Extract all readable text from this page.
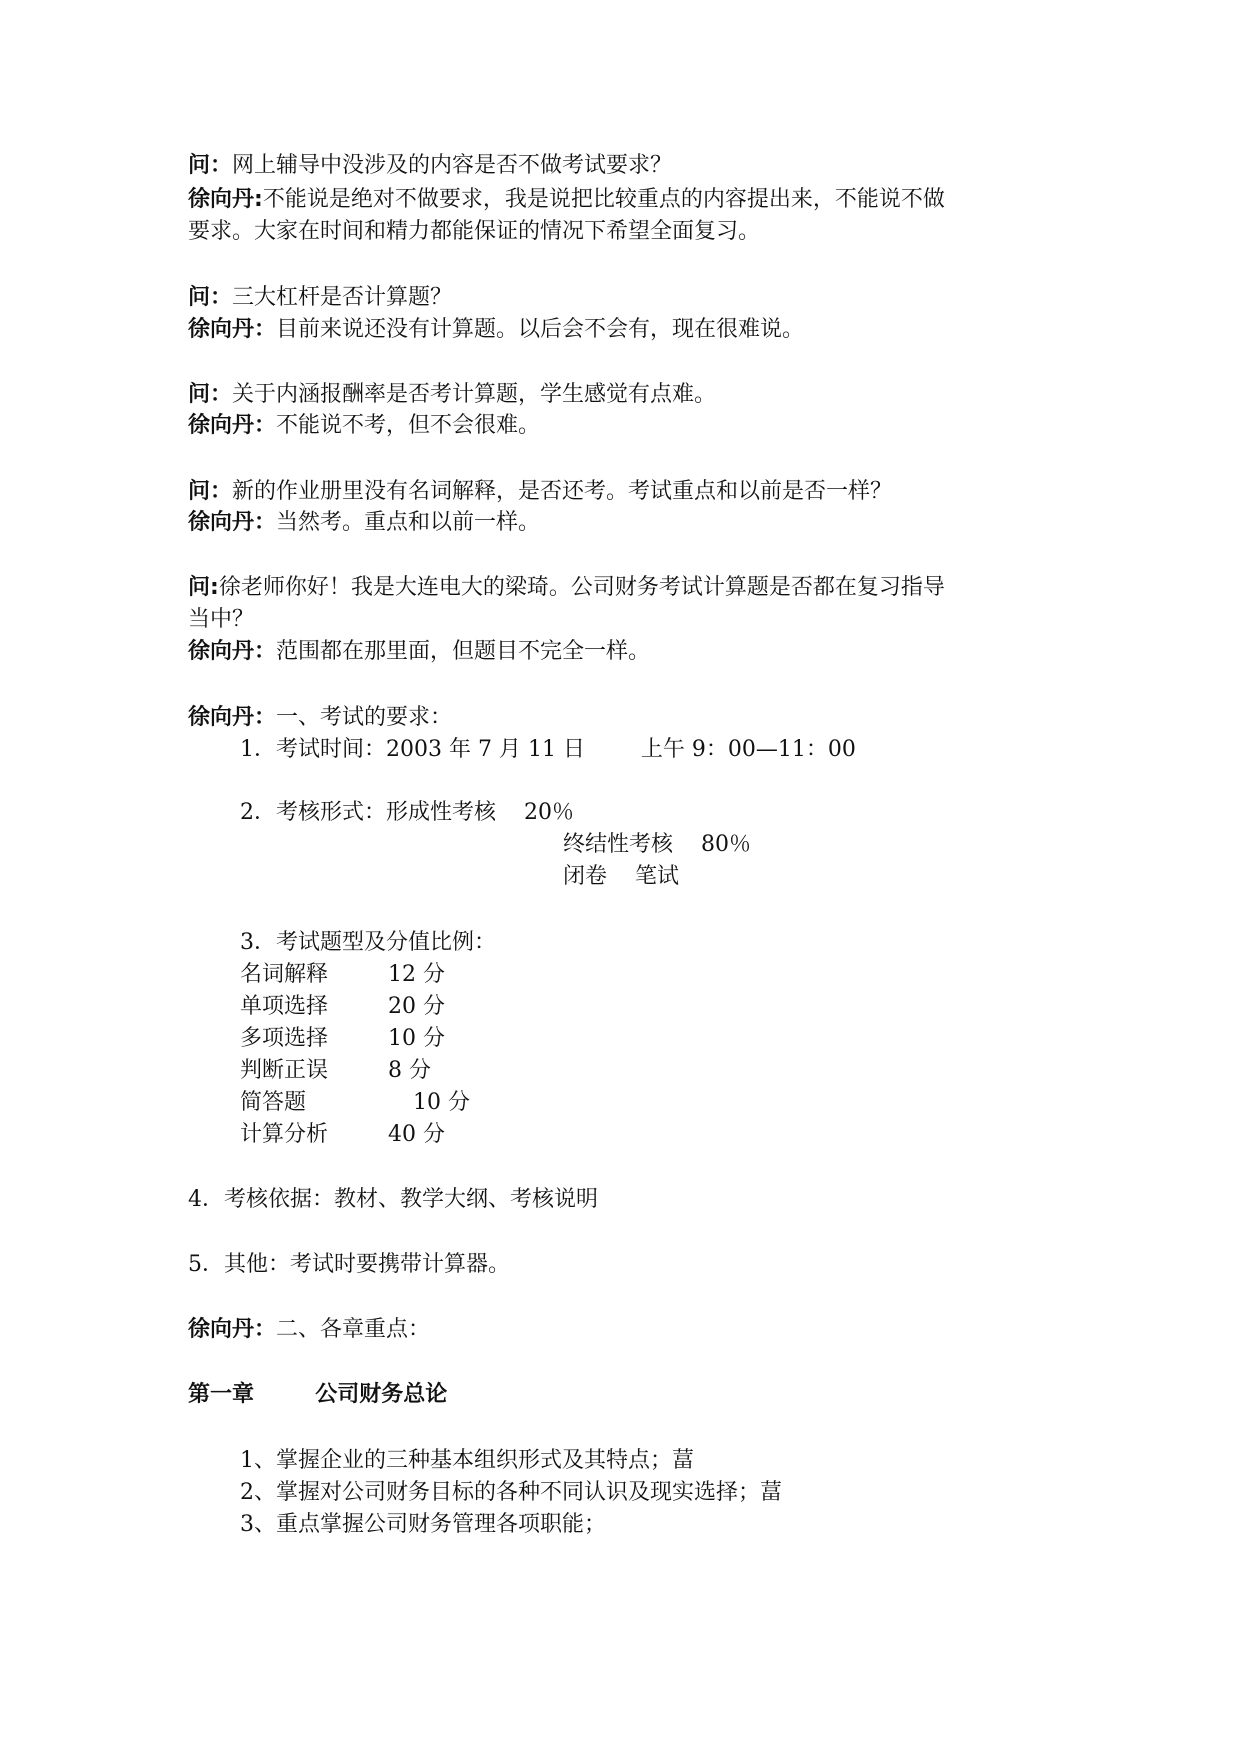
问：网上辅导中没涉及的内容是否不做考试要求？
徐向丹:不能说是绝对不做要求，我是说把比较重点的内容提出来，不能说不做
要求。大家在时间和精力都能保证的情况下希望全面复习。
问：三大杠杆是否计算题？
徐向丹：目前来说还没有计算题。以后会不会有，现在很难说。
问：关于内涵报酬率是否考计算题，学生感觉有点难。
徐向丹：不能说不考，但不会很难。
问：新的作业册里没有名词解释，是否还考。考试重点和以前是否一样？
徐向丹：当然考。重点和以前一样。
问:徐老师你好！我是大连电大的梁琦。公司财务考试计算题是否都在复习指导
当中？
徐向丹：范围都在那里面，但题目不完全一样。
徐向丹：一、考试的要求：
1．考试时间：2003 年 7 月 11 日        上午 9：00—11：00
2．考核形式：形成性考核    20％
终结性考核    80％
闭卷    笔试
3．考试题型及分值比例：
名词解释	12 分
单项选择	20 分
多项选择	10 分
判断正误	8 分
简答题	10 分
计算分析	40 分
4．考核依据：教材、教学大纲、考核说明
5．其他：考试时要携带计算器。
徐向丹：二、各章重点：
第一章        公司财务总论
1、掌握企业的三种基本组织形式及其特点；葍
2、掌握对公司财务目标的各种不同认识及现实选择；葍
3、重点掌握公司财务管理各项职能；
